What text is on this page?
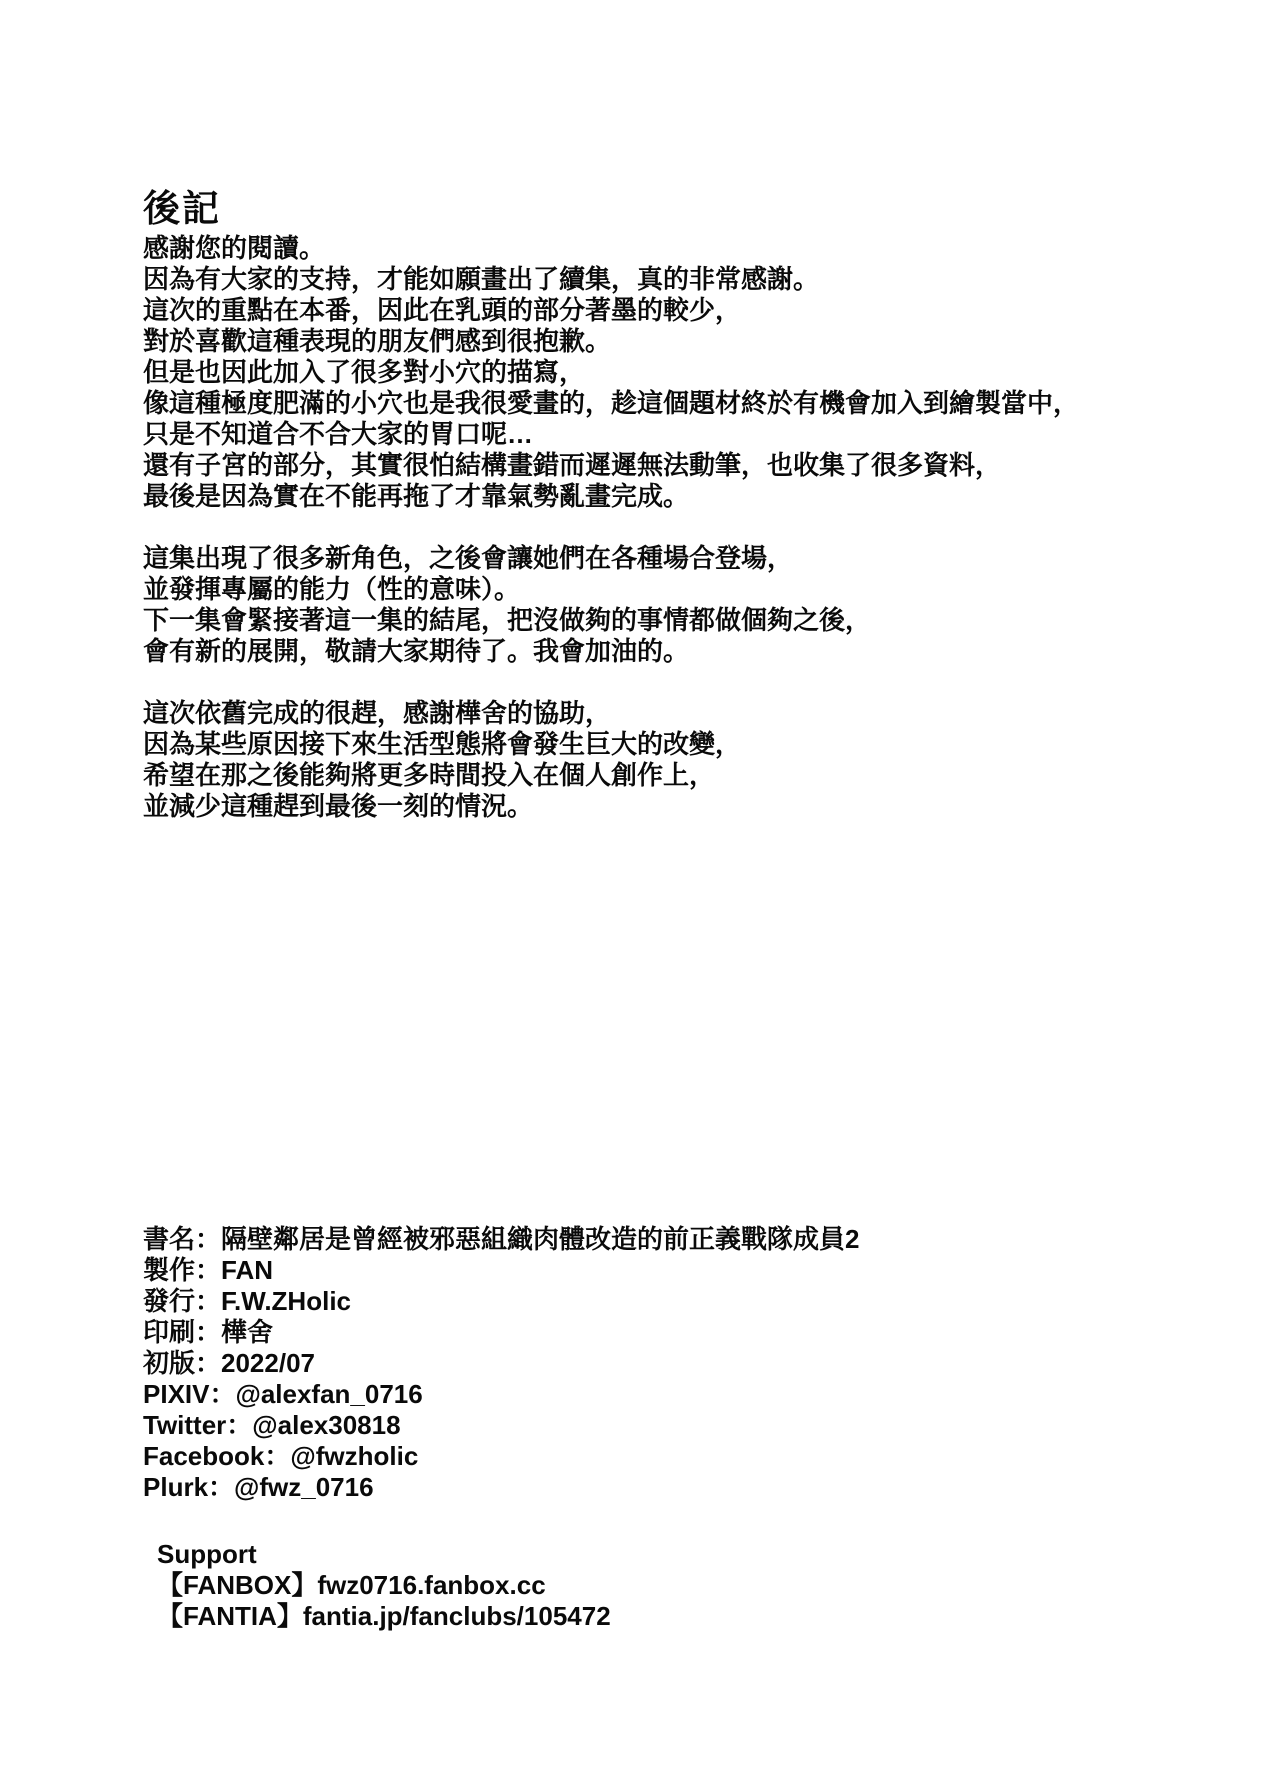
後記
感謝您的閱讀。
因為有大家的支持，才能如願畫出了續集，真的非常感謝。
這次的重點在本番，因此在乳頭的部分著墨的較少，
對於喜歡這種表現的朋友們感到很抱歉。
但是也因此加入了很多對小穴的描寫，
像這種極度肥滿的小穴也是我很愛畫的，趁這個題材終於有機會加入到繪製當中，
只是不知道合不合大家的胃口呢…
還有子宮的部分，其實很怕結構畫錯而遲遲無法動筆，也收集了很多資料，
最後是因為實在不能再拖了才靠氣勢亂畫完成。
這集出現了很多新角色，之後會讓她們在各種場合登場，
並發揮專屬的能力（性的意味）。
下一集會緊接著這一集的結尾，把沒做夠的事情都做個夠之後，
會有新的展開，敬請大家期待了。我會加油的。
這次依舊完成的很趕，感謝樺舍的協助，
因為某些原因接下來生活型態將會發生巨大的改變，
希望在那之後能夠將更多時間投入在個人創作上，
並減少這種趕到最後一刻的情況。
書名：隔壁鄰居是曾經被邪惡組織肉體改造的前正義戰隊成員2
製作：FAN
發行：F.W.ZHolic
印刷：樺舍
初版：2022/07
PIXIV：@alexfan_0716
Twitter：@alex30818
Facebook：@fwzholic
Plurk：@fwz_0716
Support
【FANBOX】fwz0716.fanbox.cc
【FANTIA】fantia.jp/fanclubs/105472
